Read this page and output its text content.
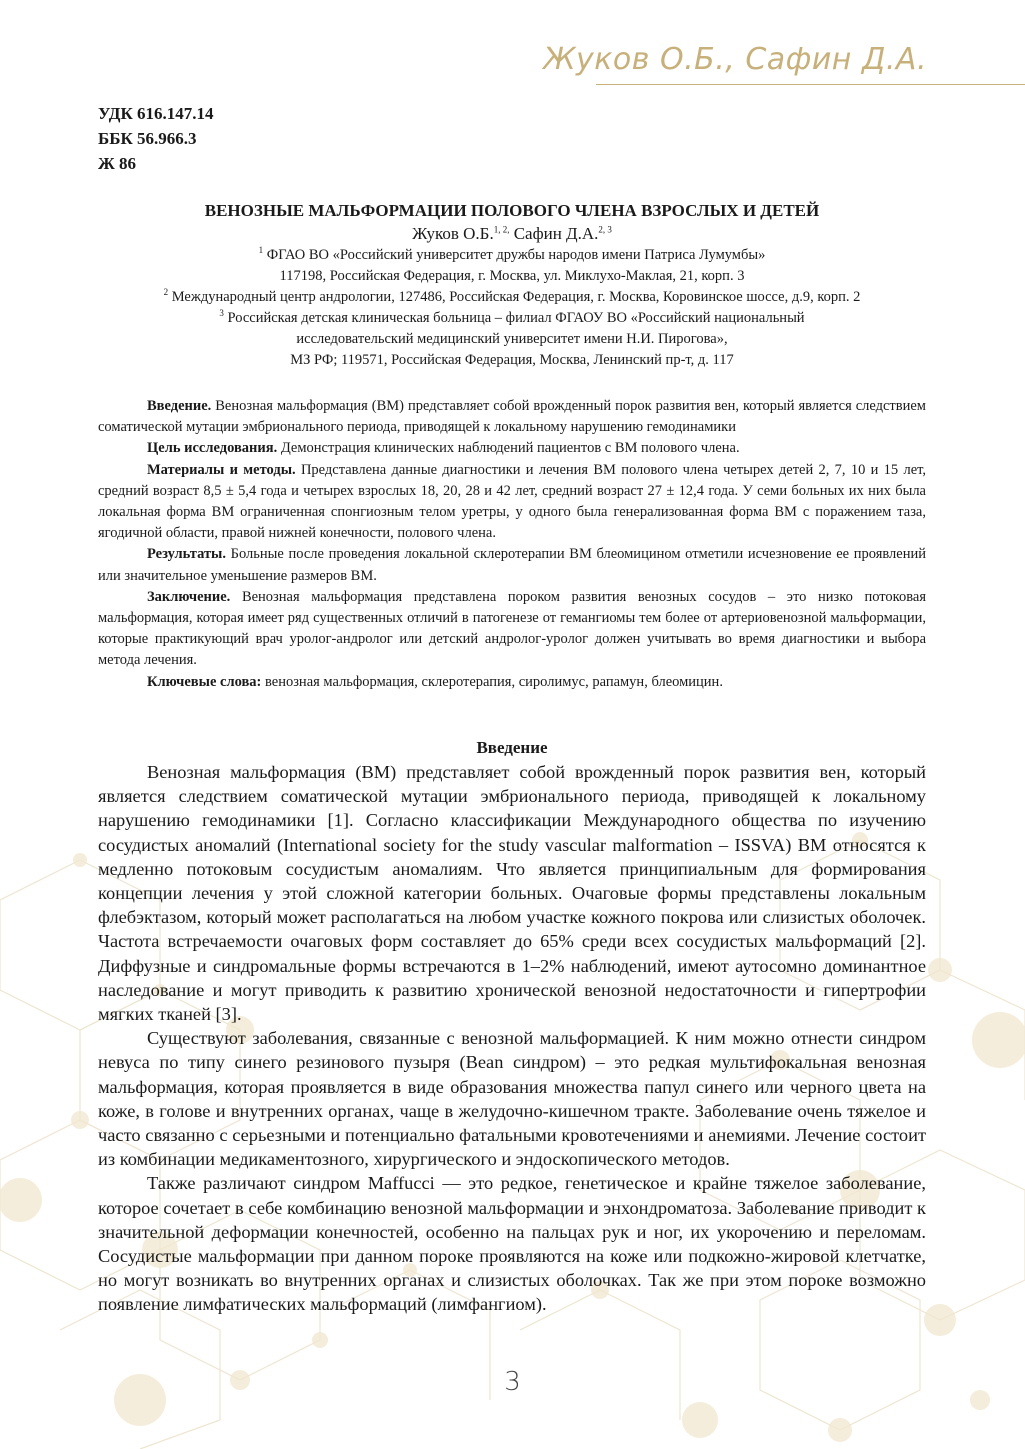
Жуков О.Б., Сафин Д.А.
УДК 616.147.14
ББК 56.966.3
Ж 86
ВЕНОЗНЫЕ МАЛЬФОРМАЦИИ ПОЛОВОГО ЧЛЕНА ВЗРОСЛЫХ И ДЕТЕЙ
Жуков О.Б.$^{1, 2,}$ Сафин Д.А.$^{2, 3}$
$^1$ ФГАО ВО «Российский университет дружбы народов имени Патриса Лумумбы»
117198, Российская Федерация, г. Москва, ул. Миклухо-Маклая, 21, корп. 3
$^2$ Международный центр андрологии, 127486, Российская Федерация, г. Москва, Коровинское шоссе, д.9, корп. 2
$^3$ Российская детская клиническая больница – филиал ФГАОУ ВО «Российский национальный
исследовательский медицинский университет имени Н.И. Пирогова»,
МЗ РФ; 119571, Российская Федерация, Москва, Ленинский пр-т, д. 117

Введение. Венозная мальформация (ВМ) представляет собой врожденный порок развития вен, который является следствием соматической мутации эмбрионального периода, приводящей к локальному нарушению гемодинамики

Цель исследования. Демонстрация клинических наблюдений пациентов с ВМ полового члена.

Материалы и методы. Представлена данные диагностики и лечения ВМ полового члена четырех детей 2, 7, 10 и 15 лет, средний возраст 8,5 ± 5,4 года и четырех взрослых 18, 20, 28 и 42 лет, средний возраст 27 ± 12,4 года. У семи больных их них была локальная форма ВМ ограниченная спонгиозным телом уретры, у одного была генерализованная форма ВМ с поражением таза, ягодичной области, правой нижней конечности, полового члена.

Результаты. Больные после проведения локальной склеротерапии ВМ блеомицином отметили исчезновение ее проявлений или значительное уменьшение размеров ВМ.

Заключение. Венозная мальформация представлена пороком развития венозных сосудов – это низко потоковая мальформация, которая имеет ряд существенных отличий в патогенезе от гемангиомы тем более от артериовенозной мальформации, которые практикующий врач уролог-андролог или детский андролог-уролог должен учитывать во время диагностики и выбора метода лечения.

Ключевые слова: венозная мальформация, склеротерапия, сиролимус, рапамун, блеомицин.

Введение

Венозная мальформация (ВМ) представляет собой врожденный порок развития вен, который является следствием соматической мутации эмбрионального периода, приводящей к локальному нарушению гемодинамики [1]. Согласно классификации Международного общества по изучению сосудистых аномалий (International society for the study vascular malformation – ISSVA) ВМ относятся к медленно потоковым сосудистым аномалиям. Что является принципиальным для формирования концепции лечения у этой сложной категории больных. Очаговые формы представлены локальным флебэктазом, который может располагаться на любом участке кожного покрова или слизистых оболочек. Частота встречаемости очаговых форм составляет до 65% среди всех сосудистых мальформаций [2]. Диффузные и синдромальные формы встречаются в 1–2% наблюдений, имеют аутосомно доминантное наследование и могут приводить к развитию хронической венозной недостаточности и гипертрофии мягких тканей [3].

Существуют заболевания, связанные с венозной мальформацией. К ним можно отнести синдром невуса по типу синего резинового пузыря (Bean синдром) – это редкая мультифокальная венозная мальформация, которая проявляется в виде образования множества папул синего или черного цвета на коже, в голове и внутренних органах, чаще в желудочно-кишечном тракте. Заболевание очень тяжелое и часто связанно с серьезными и потенциально фатальными кровотечениями и анемиями. Лечение состоит из комбинации медикаментозного, хирургического и эндоскопического методов.

Также различают синдром Maffucci — это редкое, генетическое и крайне тяжелое заболевание, которое сочетает в себе комбинацию венозной мальформации и энхондроматоза. Заболевание приводит к значительной деформации конечностей, особенно на пальцах рук и ног, их укорочению и переломам. Сосудистые мальформации при данном пороке проявляются на коже или подкожно-жировой клетчатке, но могут возникать во внутренних органах и слизистых оболочках. Так же при этом пороке возможно появление лимфатических мальформаций (лимфангиом).

3
